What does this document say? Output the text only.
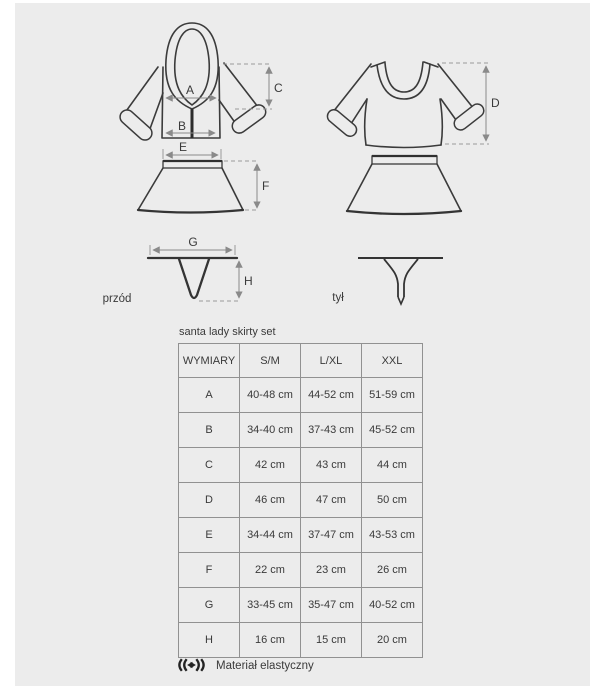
A
B
C
E
F
D
G
H
przód	tył
santa lady skirty set
WYMIARY	S/M	L/XL	XXL
A	40-48 cm	44-52 cm	51-59 cm
B	34-40 cm	37-43 cm	45-52 cm
C	42 cm	43 cm	44 cm
D	46 cm	47 cm	50 cm
E	34-44 cm	37-47 cm	43-53 cm
F	22 cm	23 cm	26 cm
G	33-45 cm	35-47 cm	40-52 cm
H	16 cm	15 cm	20 cm
Materiał elastyczny
